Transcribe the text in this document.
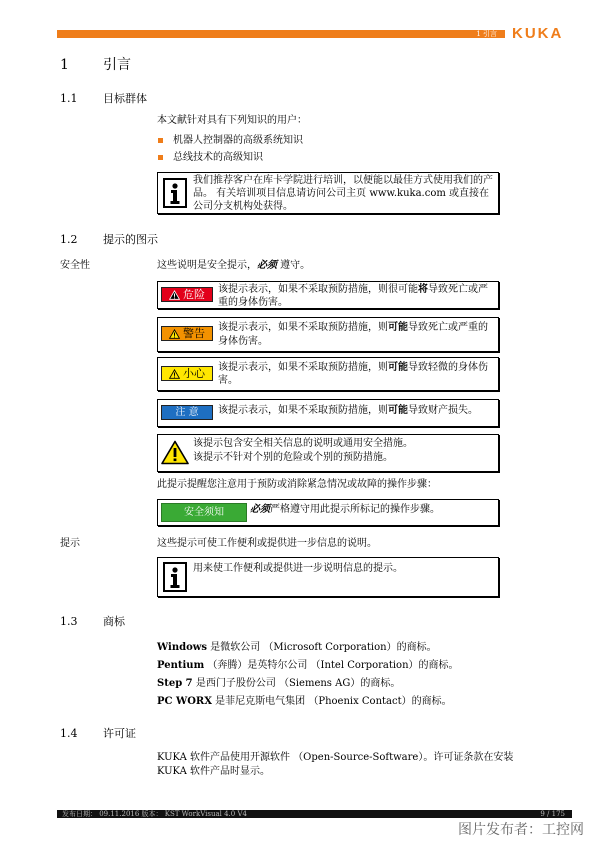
1 引言 KUKA
1 引言
1.1 目标群体
本文献针对具有下列知识的用户：
机器人控制器的高级系统知识
总线技术的高级知识
我们推荐客户在库卡学院进行培训，以便能以最佳方式使用我们的产品。 有关培训项目信息请访问公司主页 www.kuka.com 或直接在公司分支机构处获得。
1.2 提示的图示
安全性	这些说明是安全提示，必须 遵守。
危险 该提示表示，如果不采取预防措施，则很可能将导致死亡或严重的身体伤害。
警告 该提示表示，如果不采取预防措施，则可能导致死亡或严重的身体伤害。
小心 该提示表示，如果不采取预防措施，则可能导致轻微的身体伤害。
注 意 该提示表示，如果不采取预防措施，则可能导致财产损失。
该提示包含安全相关信息的说明或通用安全措施。
该提示不针对个别的危险或个别的预防措施。
此提示提醒您注意用于预防或消除紧急情况或故障的操作步骤：
安全须知	必须严格遵守用此提示所标记的操作步骤。
提示	这些提示可使工作便利或提供进一步信息的说明。
用来使工作便利或提供进一步说明信息的提示。
1.3 商标
Windows 是微软公司 （Microsoft Corporation）的商标。
Pentium （奔腾）是英特尔公司 （Intel Corporation）的商标。
Step 7 是西门子股份公司 （Siemens AG）的商标。
PC WORX 是菲尼克斯电气集团 （Phoenix Contact）的商标。
1.4 许可证
KUKA 软件产品使用开源软件 （Open-Source-Software）。许可证条款在安装
KUKA 软件产品时显示。
发布日期： 09.11.2016 版本： KST WorkVisual 4.0 V4	9 / 175
图片发布者：工控网
